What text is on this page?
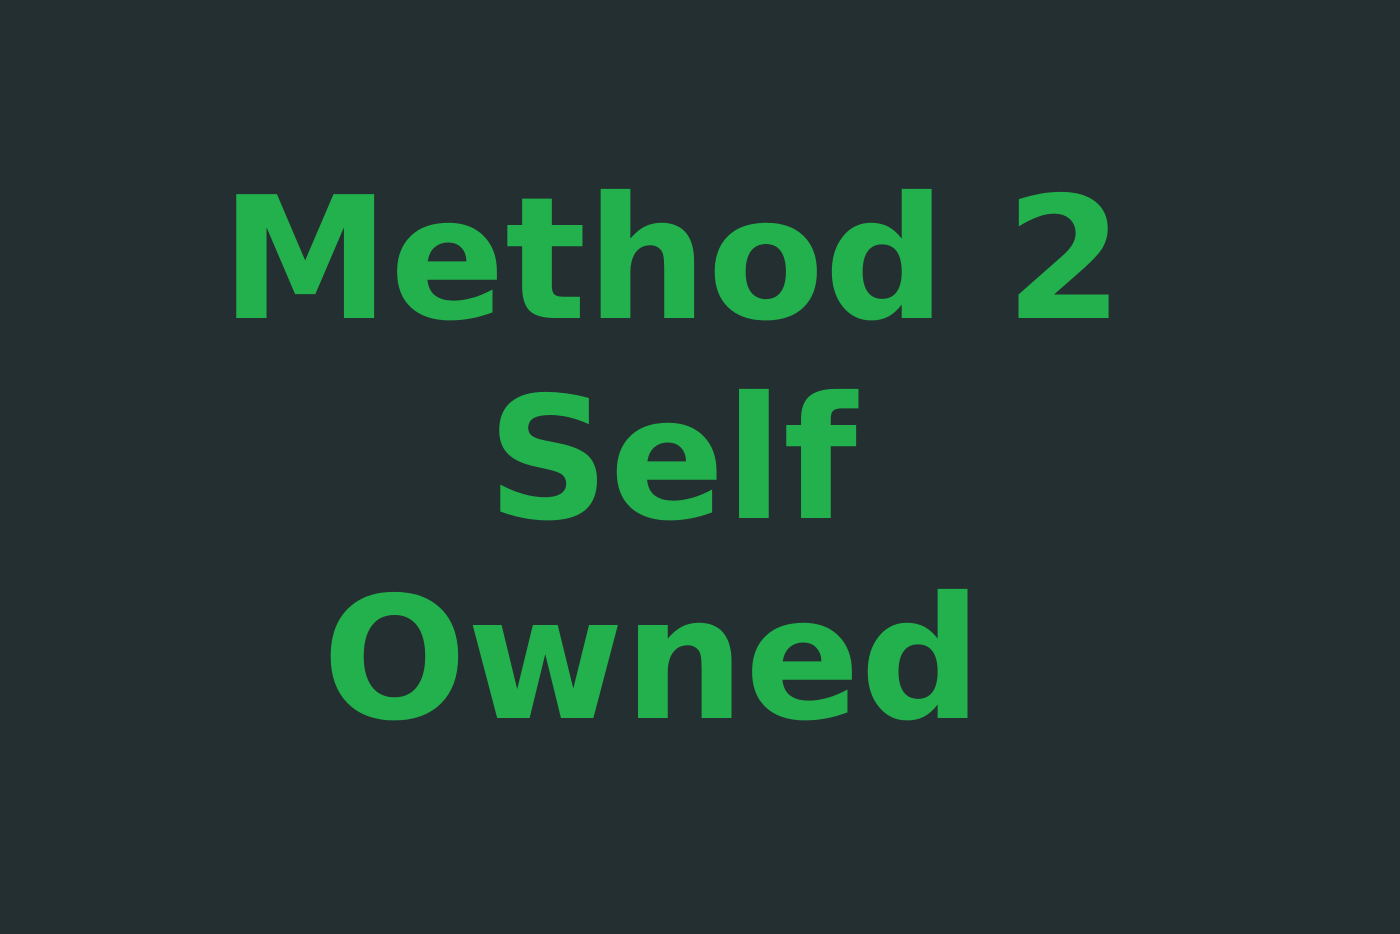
Method 2
Self
Owned
